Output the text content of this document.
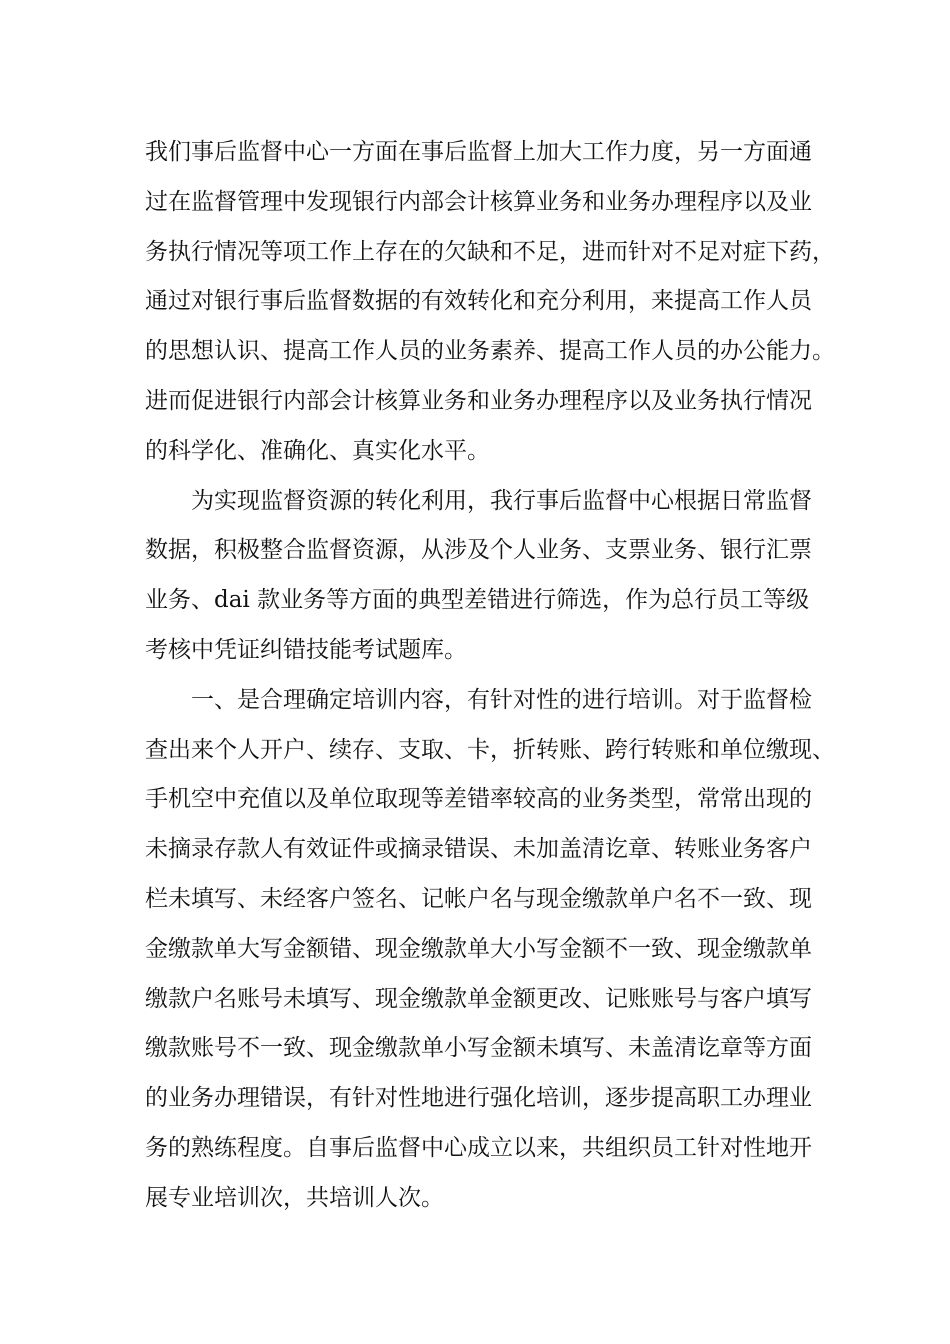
我们事后监督中心一方面在事后监督上加大工作力度，另一方面通
过在监督管理中发现银行内部会计核算业务和业务办理程序以及业
务执行情况等项工作上存在的欠缺和不足，进而针对不足对症下药，
通过对银行事后监督数据的有效转化和充分利用，来提高工作人员
的思想认识、提高工作人员的业务素养、提高工作人员的办公能力。
进而促进银行内部会计核算业务和业务办理程序以及业务执行情况
的科学化、准确化、真实化水平。
为实现监督资源的转化利用，我行事后监督中心根据日常监督
数据，积极整合监督资源，从涉及个人业务、支票业务、银行汇票
业务、dai 款业务等方面的典型差错进行筛选，作为总行员工等级
考核中凭证纠错技能考试题库。
一、是合理确定培训内容，有针对性的进行培训。对于监督检
查出来个人开户、续存、支取、卡，折转账、跨行转账和单位缴现、
手机空中充值以及单位取现等差错率较高的业务类型，常常出现的
未摘录存款人有效证件或摘录错误、未加盖清讫章、转账业务客户
栏未填写、未经客户签名、记帐户名与现金缴款单户名不一致、现
金缴款单大写金额错、现金缴款单大小写金额不一致、现金缴款单
缴款户名账号未填写、现金缴款单金额更改、记账账号与客户填写
缴款账号不一致、现金缴款单小写金额未填写、未盖清讫章等方面
的业务办理错误，有针对性地进行强化培训，逐步提高职工办理业
务的熟练程度。自事后监督中心成立以来，共组织员工针对性地开
展专业培训次，共培训人次。
